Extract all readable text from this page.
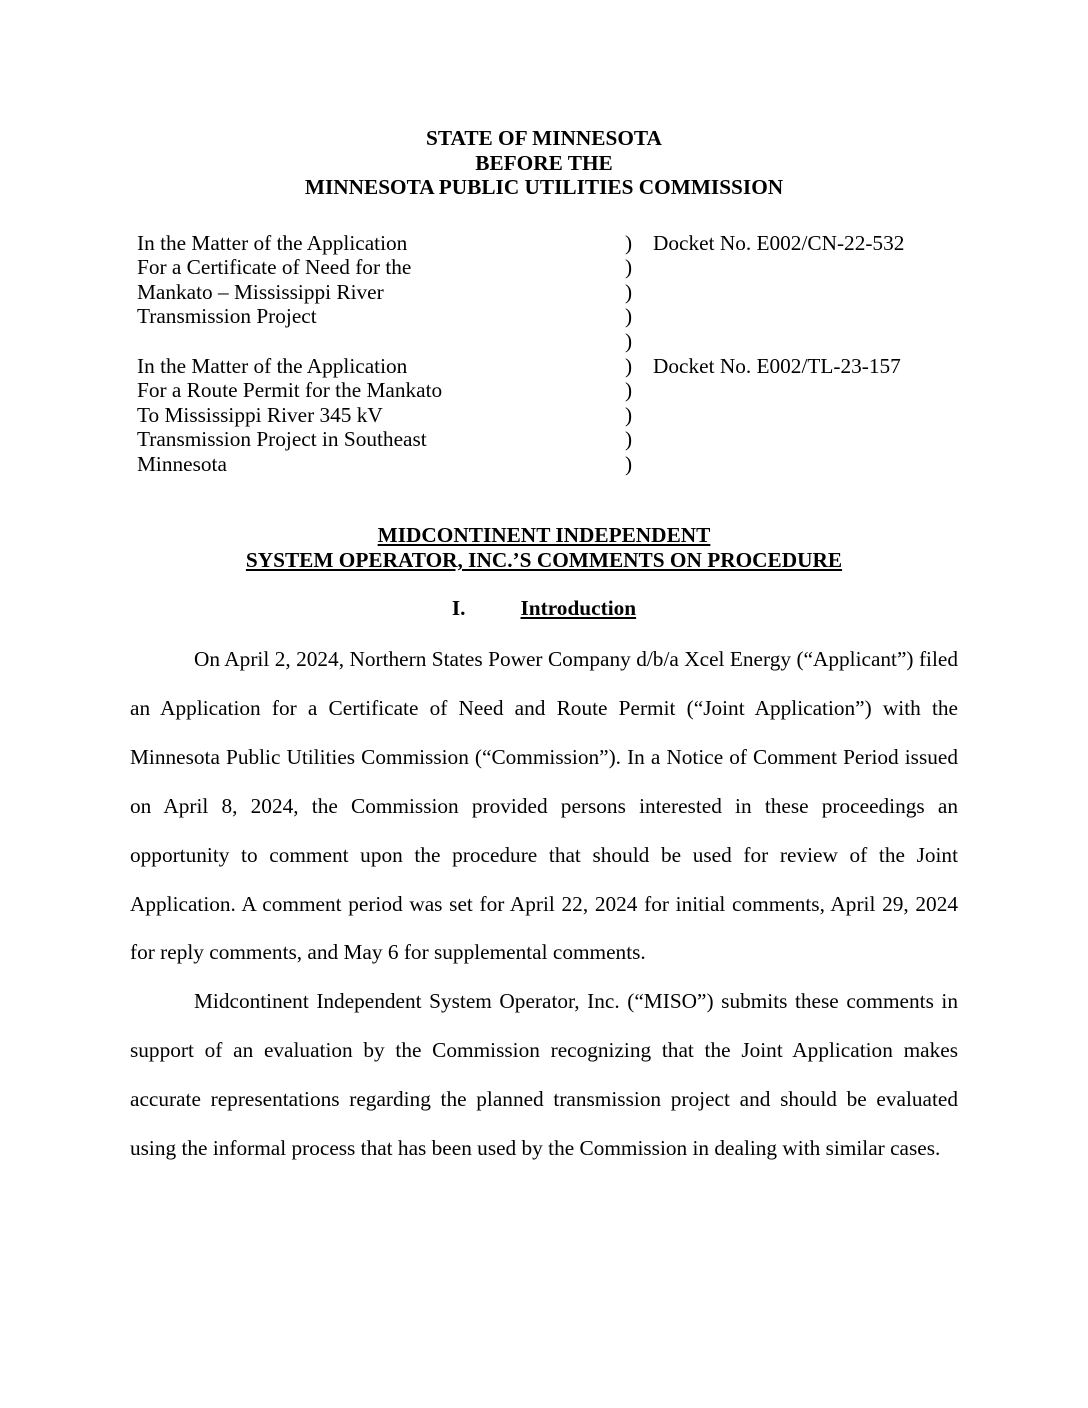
STATE OF MINNESOTA
BEFORE THE
MINNESOTA PUBLIC UTILITIES COMMISSION
In the Matter of the Application	) Docket No. E002/CN-22-532
For a Certificate of Need for the	)
Mankato – Mississippi River	)
Transmission Project	)
)
In the Matter of the Application	) Docket No. E002/TL-23-157
For a Route Permit for the Mankato	)
To Mississippi River 345 kV	)
Transmission Project in Southeast	)
Minnesota	)
MIDCONTINENT INDEPENDENT
SYSTEM OPERATOR, INC.’S COMMENTS ON PROCEDURE
I.	Introduction

On April 2, 2024, Northern States Power Company d/b/a Xcel Energy (“Applicant”) filed an Application for a Certificate of Need and Route Permit (“Joint Application”) with the Minnesota Public Utilities Commission (“Commission”). In a Notice of Comment Period issued on April 8, 2024, the Commission provided persons interested in these proceedings an opportunity to comment upon the procedure that should be used for review of the Joint Application. A comment period was set for April 22, 2024 for initial comments, April 29, 2024 for reply comments, and May 6 for supplemental comments.

Midcontinent Independent System Operator, Inc. (“MISO”) submits these comments in support of an evaluation by the Commission recognizing that the Joint Application makes accurate representations regarding the planned transmission project and should be evaluated using the informal process that has been used by the Commission in dealing with similar cases.
